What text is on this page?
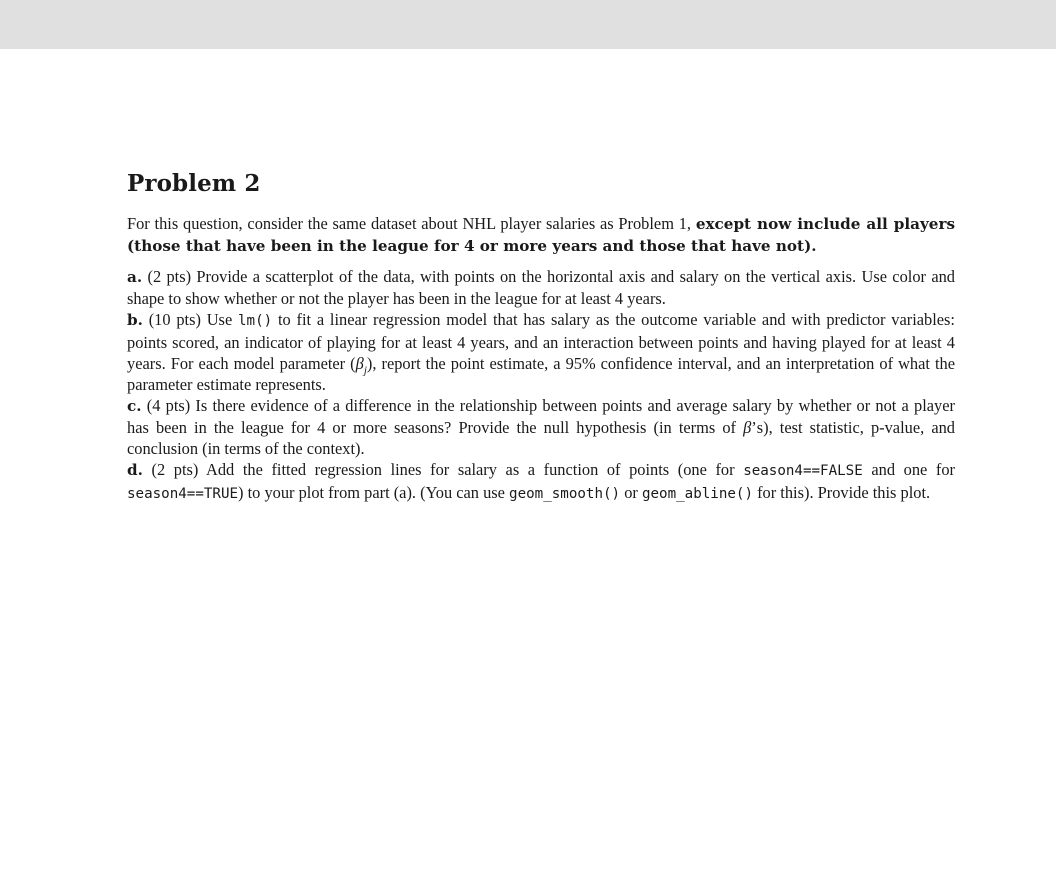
Problem 2

For this question, consider the same dataset about NHL player salaries as Problem 1, except now include all players (those that have been in the league for 4 or more years and those that have not).

a. (2 pts) Provide a scatterplot of the data, with points on the horizontal axis and salary on the vertical axis. Use color and shape to show whether or not the player has been in the league for at least 4 years.

b. (10 pts) Use lm() to fit a linear regression model that has salary as the outcome variable and with predictor variables: points scored, an indicator of playing for at least 4 years, and an interaction between points and having played for at least 4 years. For each model parameter $(\beta_j)$, report the point estimate, a 95% confidence interval, and an interpretation of what the parameter estimate represents.

c. (4 pts) Is there evidence of a difference in the relationship between points and average salary by whether or not a player has been in the league for 4 or more seasons? Provide the null hypothesis (in terms of β’s), test statistic, p-value, and conclusion (in terms of the context).

d. (2 pts) Add the fitted regression lines for salary as a function of points (one for season4==FALSE and one for season4==TRUE) to your plot from part (a). (You can use geom_smooth() or geom_abline() for this). Provide this plot.
